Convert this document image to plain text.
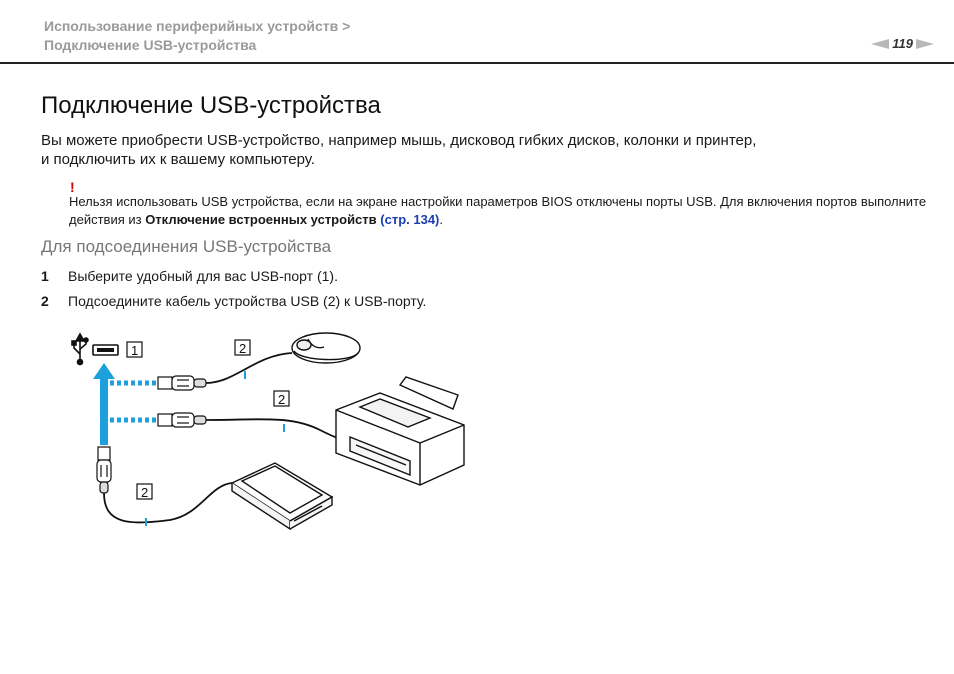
Использование периферийных устройств >
Подключение USB-устройства	119
Подключение USB-устройства
Вы можете приобрести USB-устройство, например мышь, дисковод гибких дисков, колонки и принтер,
и подключить их к вашему компьютеру.
!
Нельзя использовать USB устройства, если на экране настройки параметров BIOS отключены порты USB. Для включения портов выполните действия из Отключение встроенных устройств (стр. 134).
Для подсоединения USB-устройства
1 Выберите удобный для вас USB-порт (1).
2 Подсоедините кабель устройства USB (2) к USB-порту.
1	2
2
2
